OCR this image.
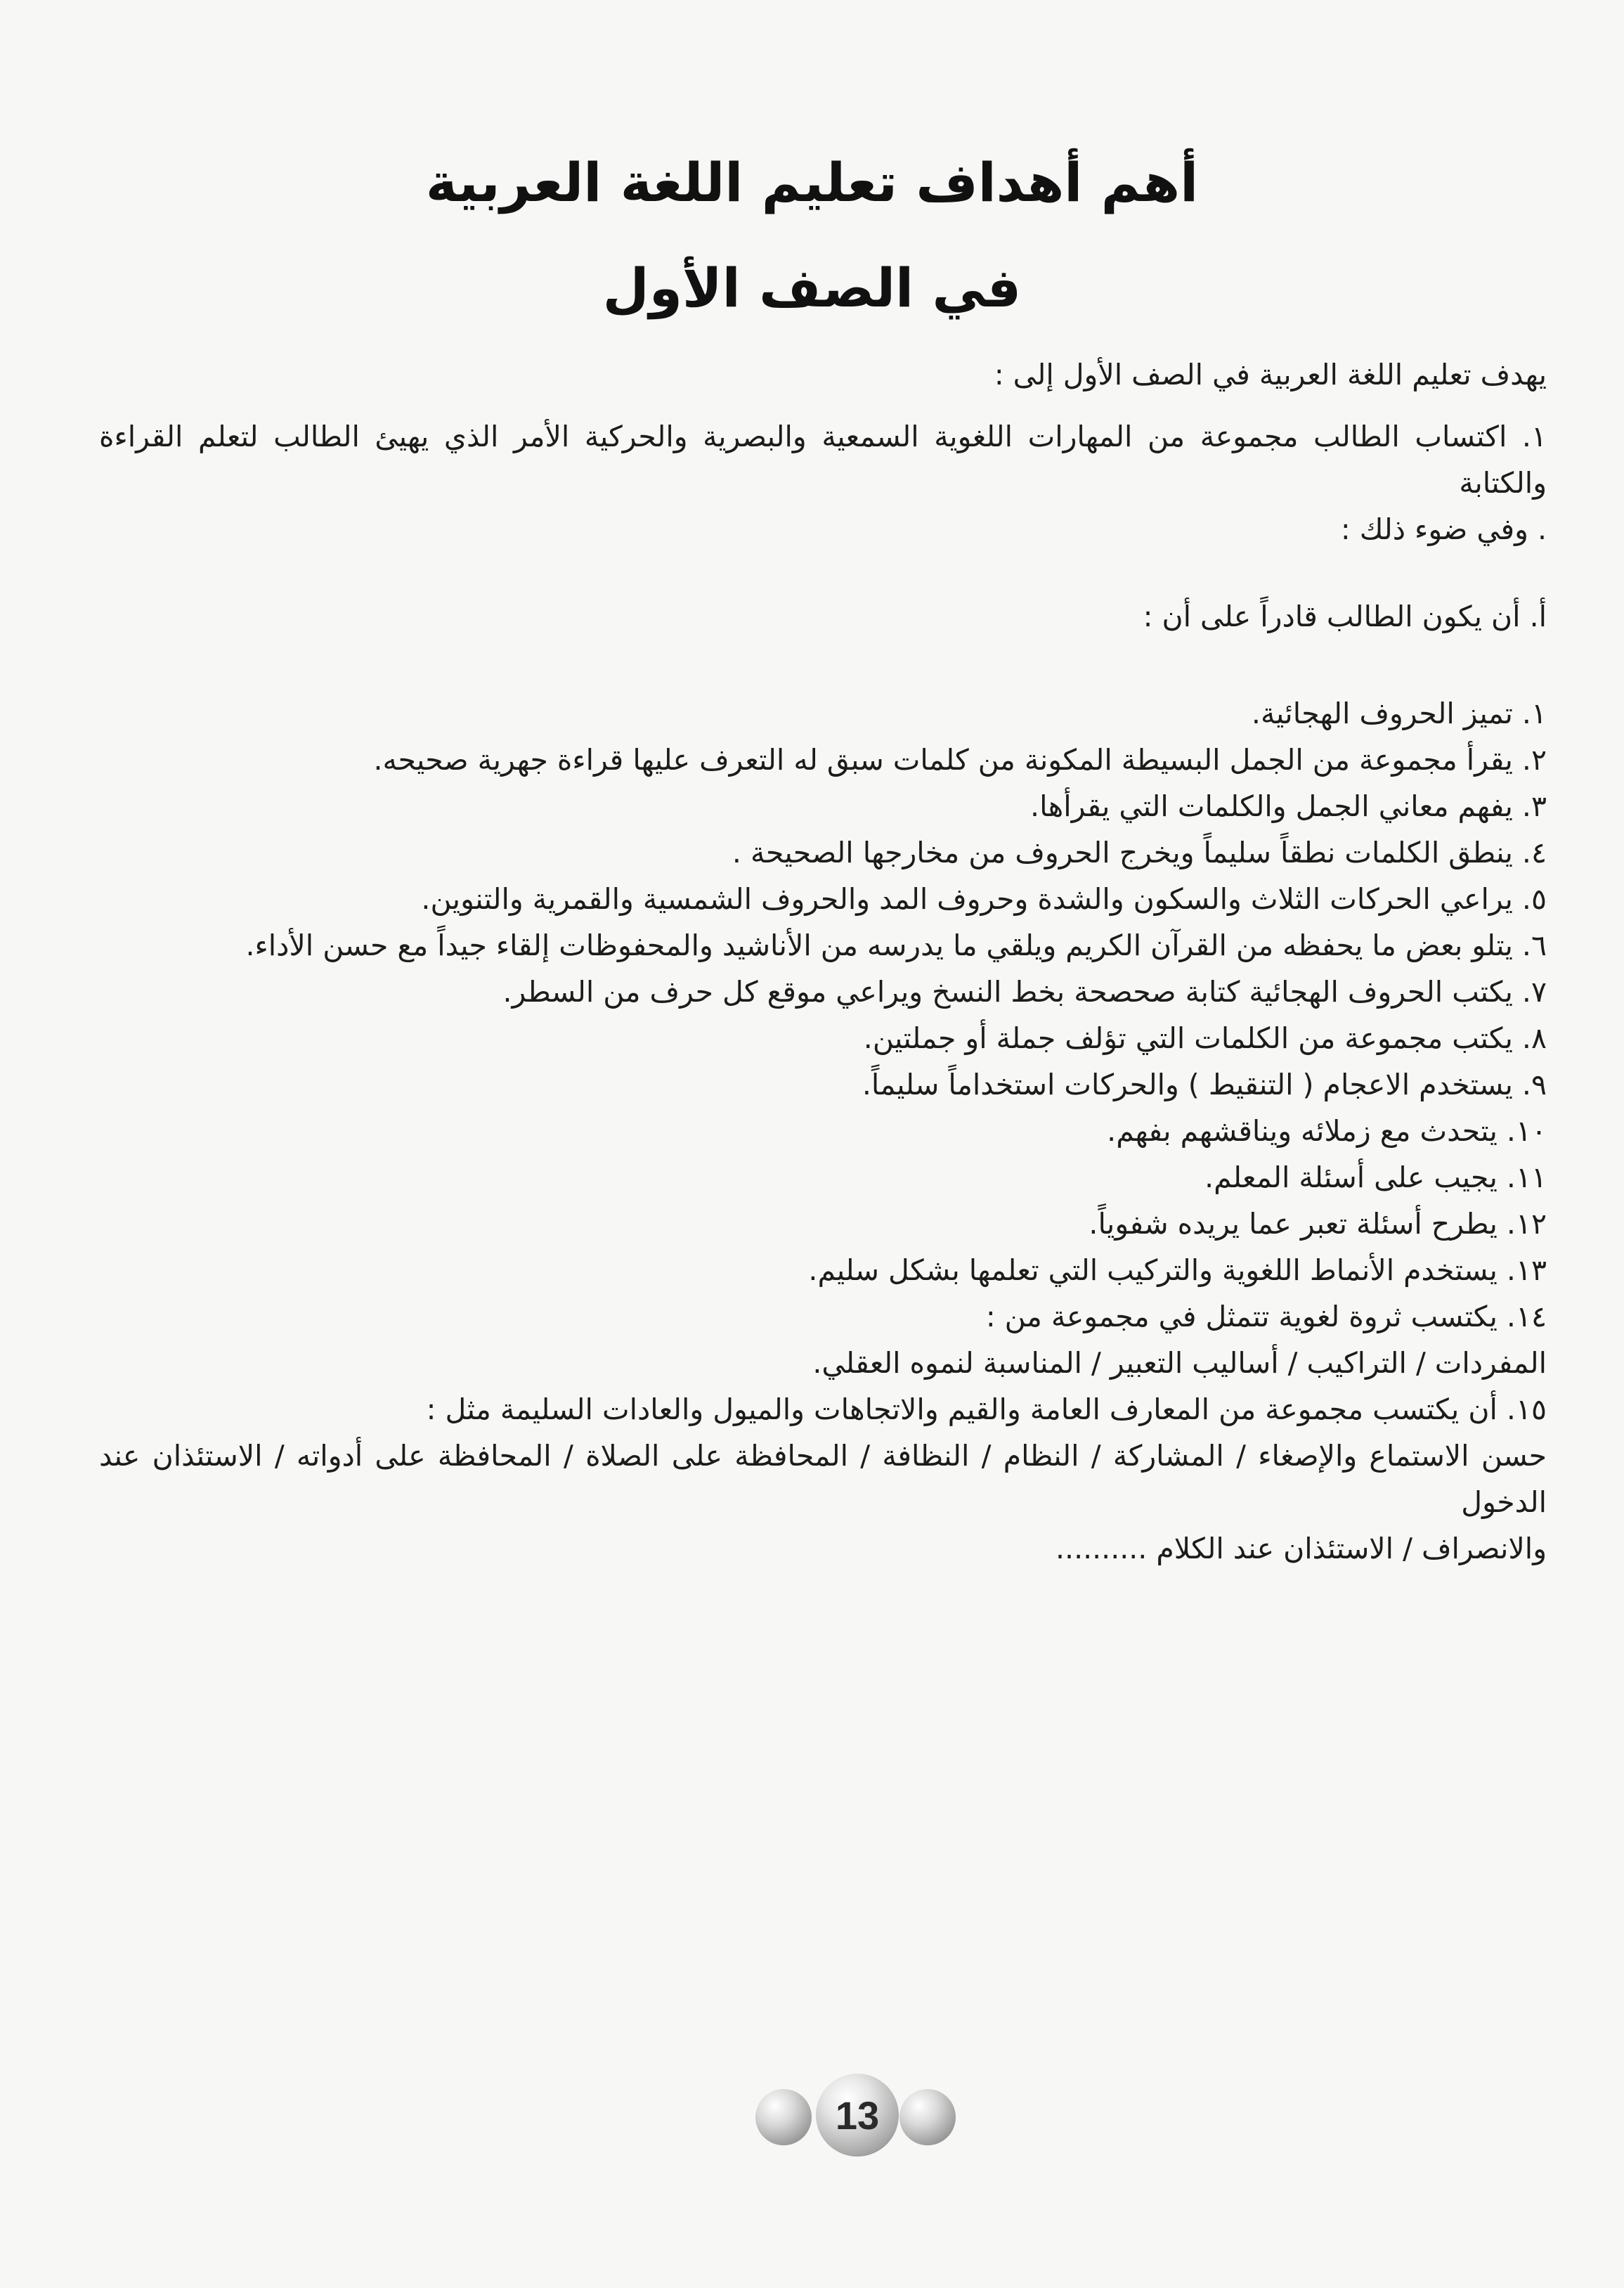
أهم أهداف تعليم اللغة العربية

في الصف الأول

يهدف تعليم اللغة العربية في الصف الأول إلى :
١. اكتساب الطالب مجموعة من المهارات اللغوية السمعية والبصرية والحركية الأمر الذي يهيئ الطالب لتعلم القراءة والكتابة
. وفي ضوء ذلك :
أ. أن يكون الطالب قادراً على أن :
١. تميز الحروف الهجائية.
٢. يقرأ مجموعة من الجمل البسيطة المكونة من كلمات سبق له التعرف عليها قراءة جهرية صحيحه.
٣. يفهم معاني الجمل والكلمات التي يقرأها.
٤. ينطق الكلمات نطقاً سليماً ويخرج الحروف من مخارجها الصحيحة .
٥. يراعي الحركات الثلاث والسكون والشدة وحروف المد والحروف الشمسية والقمرية والتنوين.
٦. يتلو بعض ما يحفظه من القرآن الكريم ويلقي ما يدرسه من الأناشيد والمحفوظات إلقاء جيداً مع حسن الأداء.
٧. يكتب الحروف الهجائية كتابة صحصحة بخط النسخ ويراعي موقع كل حرف من السطر.
٨. يكتب مجموعة من الكلمات التي تؤلف جملة أو جملتين.
٩. يستخدم الاعجام ( التنقيط ) والحركات استخداماً سليماً.
١٠. يتحدث مع زملائه ويناقشهم بفهم.
١١. يجيب على أسئلة المعلم.
١٢. يطرح أسئلة تعبر عما يريده شفوياً.
١٣. يستخدم الأنماط اللغوية والتركيب التي تعلمها بشكل سليم.
١٤. يكتسب ثروة لغوية تتمثل في مجموعة من :
المفردات / التراكيب / أساليب التعبير / المناسبة لنموه العقلي.
١٥. أن يكتسب مجموعة من المعارف العامة والقيم والاتجاهات والميول والعادات السليمة مثل :
حسن الاستماع والإصغاء / المشاركة / النظام / النظافة / المحافظة على الصلاة / المحافظة على أدواته / الاستئذان عند الدخول
والانصراف / الاستئذان عند الكلام ..........
13
